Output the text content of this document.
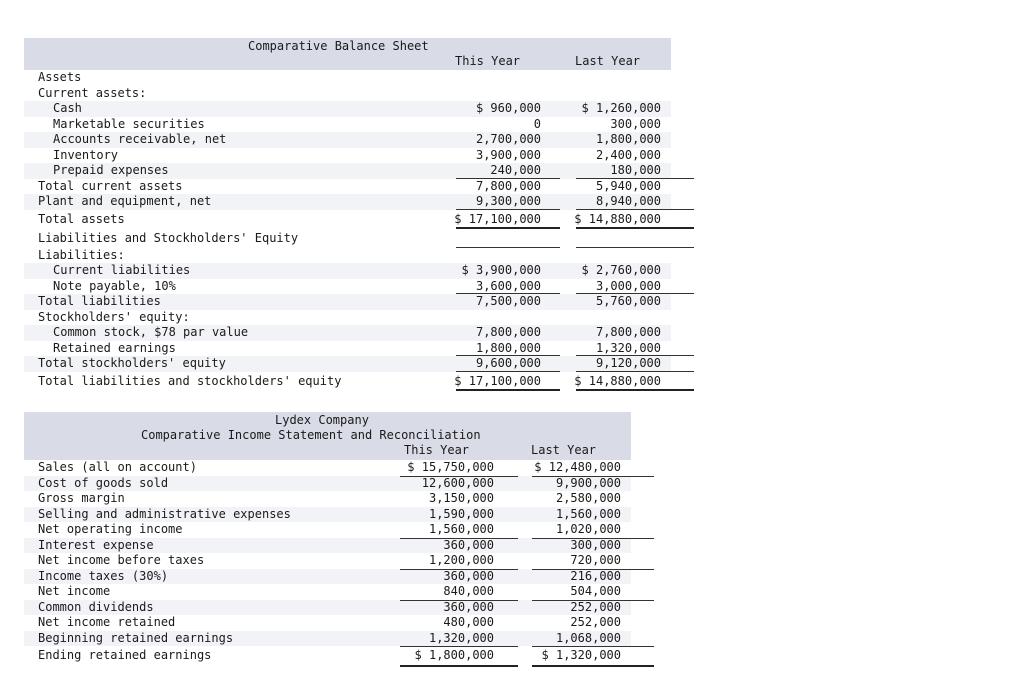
Comparative Balance Sheet
This Year	Last Year
Assets
Current assets:
Cash	$ 960,000	$ 1,260,000
Marketable securities	0	300,000
Accounts receivable, net	2,700,000	1,800,000
Inventory	3,900,000	2,400,000
Prepaid expenses	240,000	180,000
Total current assets	7,800,000	5,940,000
Plant and equipment, net	9,300,000	8,940,000
Total assets	$ 17,100,000	$ 14,880,000
Liabilities and Stockholders' Equity
Liabilities:
Current liabilities	$ 3,900,000	$ 2,760,000
Note payable, 10%	3,600,000	3,000,000
Total liabilities	7,500,000	5,760,000
Stockholders' equity:
Common stock, $78 par value	7,800,000	7,800,000
Retained earnings	1,800,000	1,320,000
Total stockholders' equity	9,600,000	9,120,000
Total liabilities and stockholders' equity	$ 17,100,000	$ 14,880,000
Lydex Company
Comparative Income Statement and Reconciliation
This Year	Last Year
Sales (all on account)	$ 15,750,000	$ 12,480,000
Cost of goods sold	12,600,000	9,900,000
Gross margin	3,150,000	2,580,000
Selling and administrative expenses	1,590,000	1,560,000
Net operating income	1,560,000	1,020,000
Interest expense	360,000	300,000
Net income before taxes	1,200,000	720,000
Income taxes (30%)	360,000	216,000
Net income	840,000	504,000
Common dividends	360,000	252,000
Net income retained	480,000	252,000
Beginning retained earnings	1,320,000	1,068,000
Ending retained earnings	$ 1,800,000	$ 1,320,000
